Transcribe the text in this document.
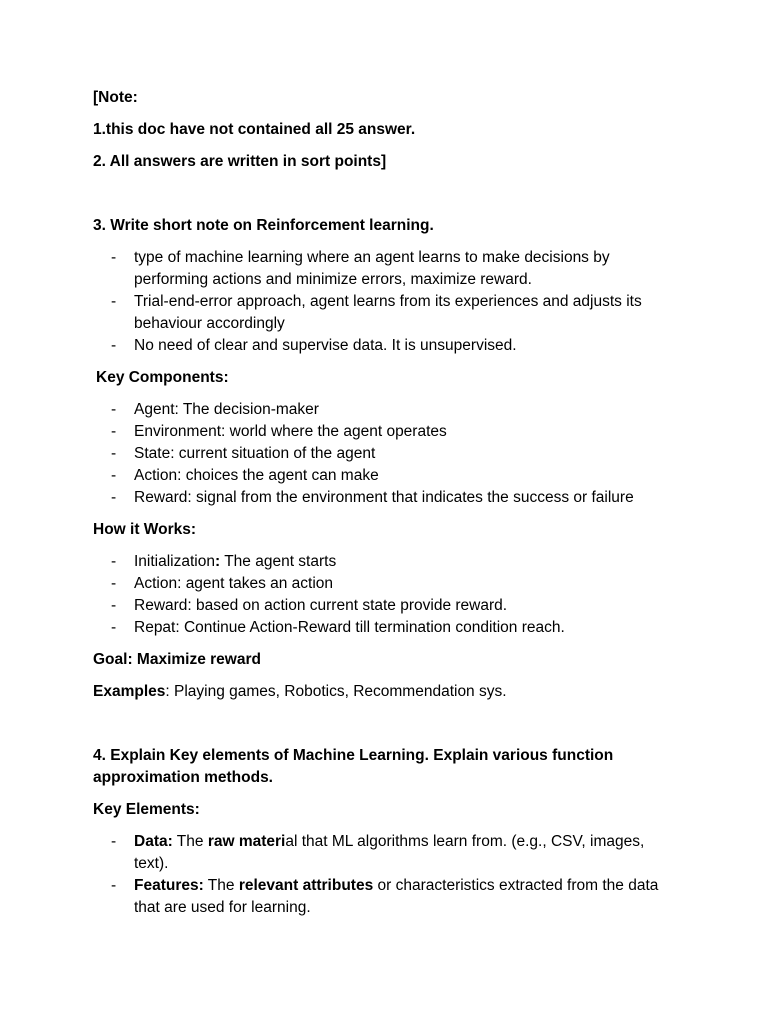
[Note:

1.this doc have not contained all 25 answer.

2. All answers are written in sort points]

3. Write short note on Reinforcement learning.

- type of machine learning where an agent learns to make decisions by performing actions and minimize errors, maximize reward.
- Trial-end-error approach, agent learns from its experiences and adjusts its behaviour accordingly
- No need of clear and supervise data. It is unsupervised.

Key Components:

- Agent: The decision-maker
- Environment: world where the agent operates
- State: current situation of the agent
- Action: choices the agent can make
- Reward: signal from the environment that indicates the success or failure

How it Works:

- Initialization: The agent starts
- Action: agent takes an action
- Reward: based on action current state provide reward.
- Repat: Continue Action-Reward till termination condition reach.

Goal: Maximize reward

Examples: Playing games, Robotics, Recommendation sys.

4. Explain Key elements of Machine Learning. Explain various function approximation methods.

Key Elements:

- Data: The raw material that ML algorithms learn from. (e.g., CSV, images, text).
- Features: The relevant attributes or characteristics extracted from the data that are used for learning.
